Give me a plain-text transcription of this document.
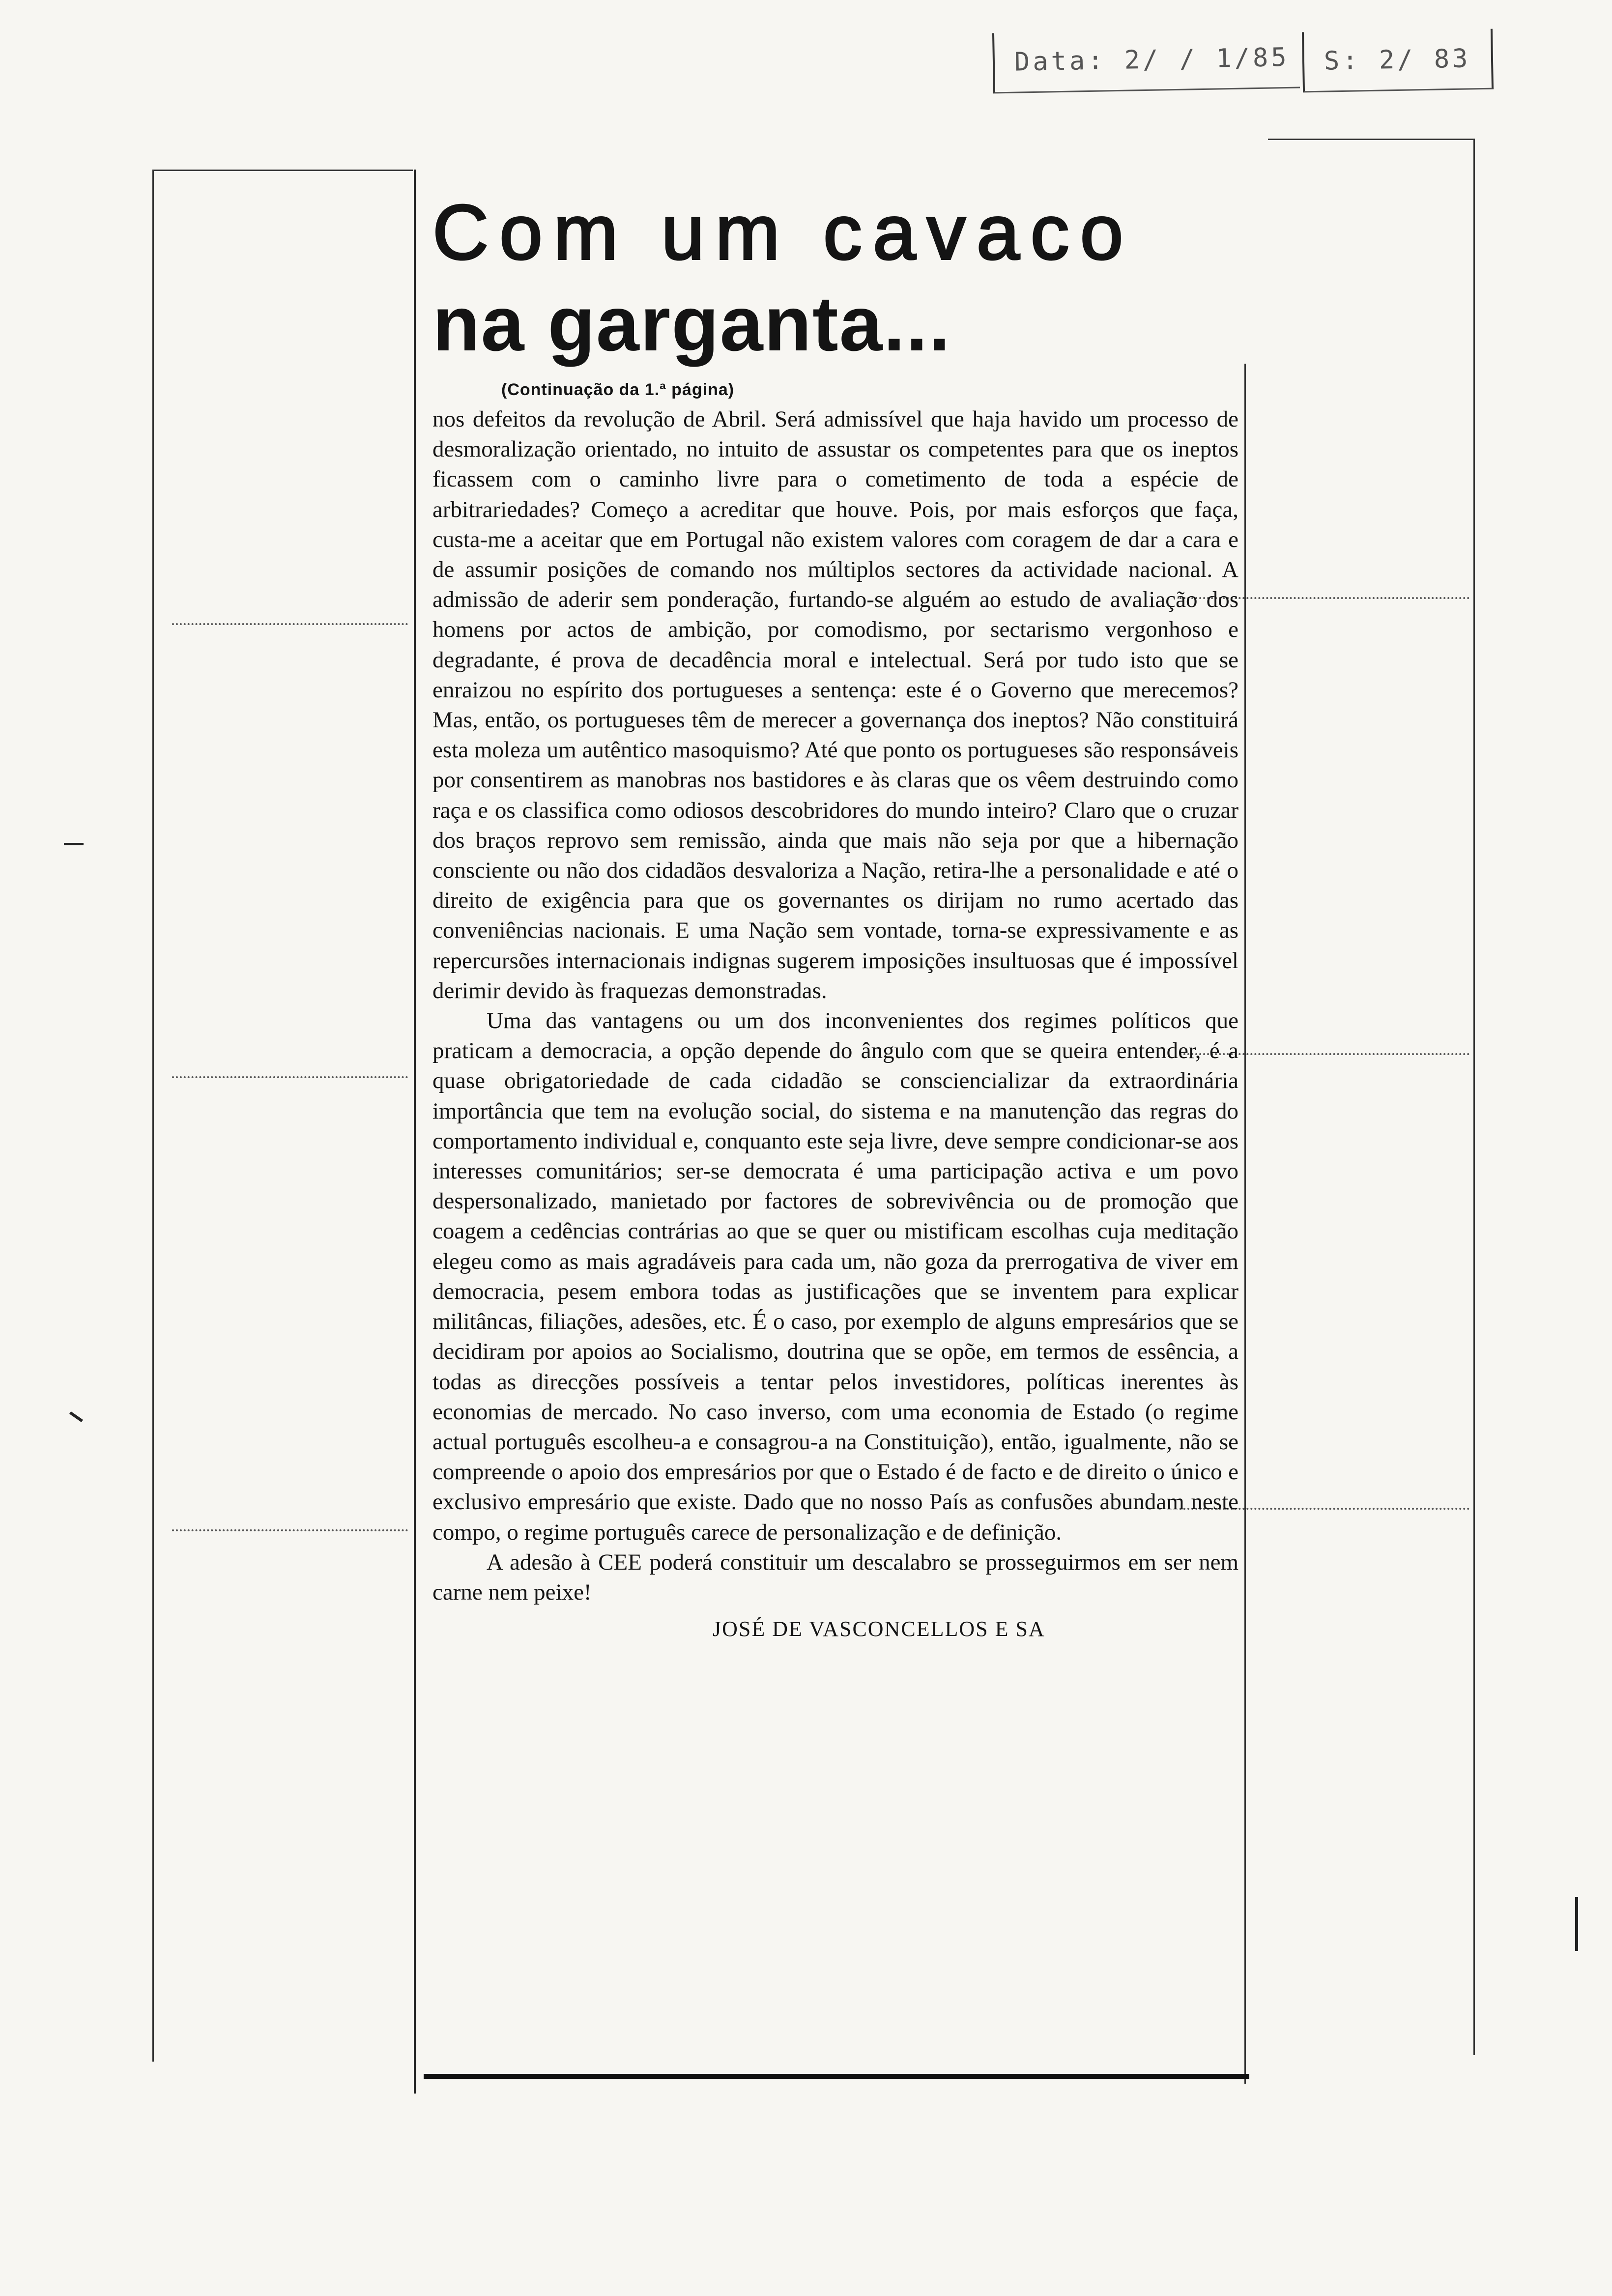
Data: 2/ / 1/85	S: 2/ 83
Com um cavaco
na garganta...
(Continuação da 1.ª página)

nos defeitos da revolução de Abril. Será admissível que haja havido um processo de desmoralização orientado, no intuito de assustar os competentes para que os ineptos ficassem com o caminho livre para o cometimento de toda a espécie de arbitrariedades? Começo a acreditar que houve. Pois, por mais esforços que faça, custa-me a aceitar que em Portugal não existem valores com coragem de dar a cara e de assumir posições de comando nos múltiplos sectores da actividade nacional. A admissão de aderir sem ponderação, furtando-se alguém ao estudo de avaliação dos homens por actos de ambição, por comodismo, por sectarismo vergonhoso e degradante, é prova de decadência moral e intelectual. Será por tudo isto que se enraizou no espírito dos portugueses a sentença: este é o Governo que merecemos? Mas, então, os portugueses têm de merecer a governança dos ineptos? Não constituirá esta moleza um autêntico masoquismo? Até que ponto os portugueses são responsáveis por consentirem as manobras nos bastidores e às claras que os vêem destruindo como raça e os classifica como odiosos descobridores do mundo inteiro? Claro que o cruzar dos braços reprovo sem remissão, ainda que mais não seja por que a hibernação consciente ou não dos cidadãos desvaloriza a Nação, retira-lhe a personalidade e até o direito de exigência para que os governantes os dirijam no rumo acertado das conveniências nacionais. E uma Nação sem vontade, torna-se expressivamente e as repercursões internacionais indignas sugerem imposições insultuosas que é impossível derimir devido às fraquezas demonstradas.

Uma das vantagens ou um dos inconvenientes dos regimes políticos que praticam a democracia, a opção depende do ângulo com que se queira entender, é a quase obrigatoriedade de cada cidadão se consciencializar da extraordinária importância que tem na evolução social, do sistema e na manutenção das regras do comportamento individual e, conquanto este seja livre, deve sempre condicionar-se aos interesses comunitários; ser-se democrata é uma participação activa e um povo despersonalizado, manietado por factores de sobrevivência ou de promoção que coagem a cedências contrárias ao que se quer ou mistificam escolhas cuja meditação elegeu como as mais agradáveis para cada um, não goza da prerrogativa de viver em democracia, pesem embora todas as justificações que se inventem para explicar militâncas, filiações, adesões, etc. É o caso, por exemplo de alguns empresários que se decidiram por apoios ao Socialismo, doutrina que se opõe, em termos de essência, a todas as direcções possíveis a tentar pelos investidores, políticas inerentes às economias de mercado. No caso inverso, com uma economia de Estado (o regime actual português escolheu-a e consagrou-a na Constituição), então, igualmente, não se compreende o apoio dos empresários por que o Estado é de facto e de direito o único e exclusivo empresário que existe. Dado que no nosso País as confusões abundam neste compo, o regime português carece de personalização e de definição.

A adesão à CEE poderá constituir um descalabro se prosseguirmos em ser nem carne nem peixe!

JOSÉ DE VASCONCELLOS E SA
